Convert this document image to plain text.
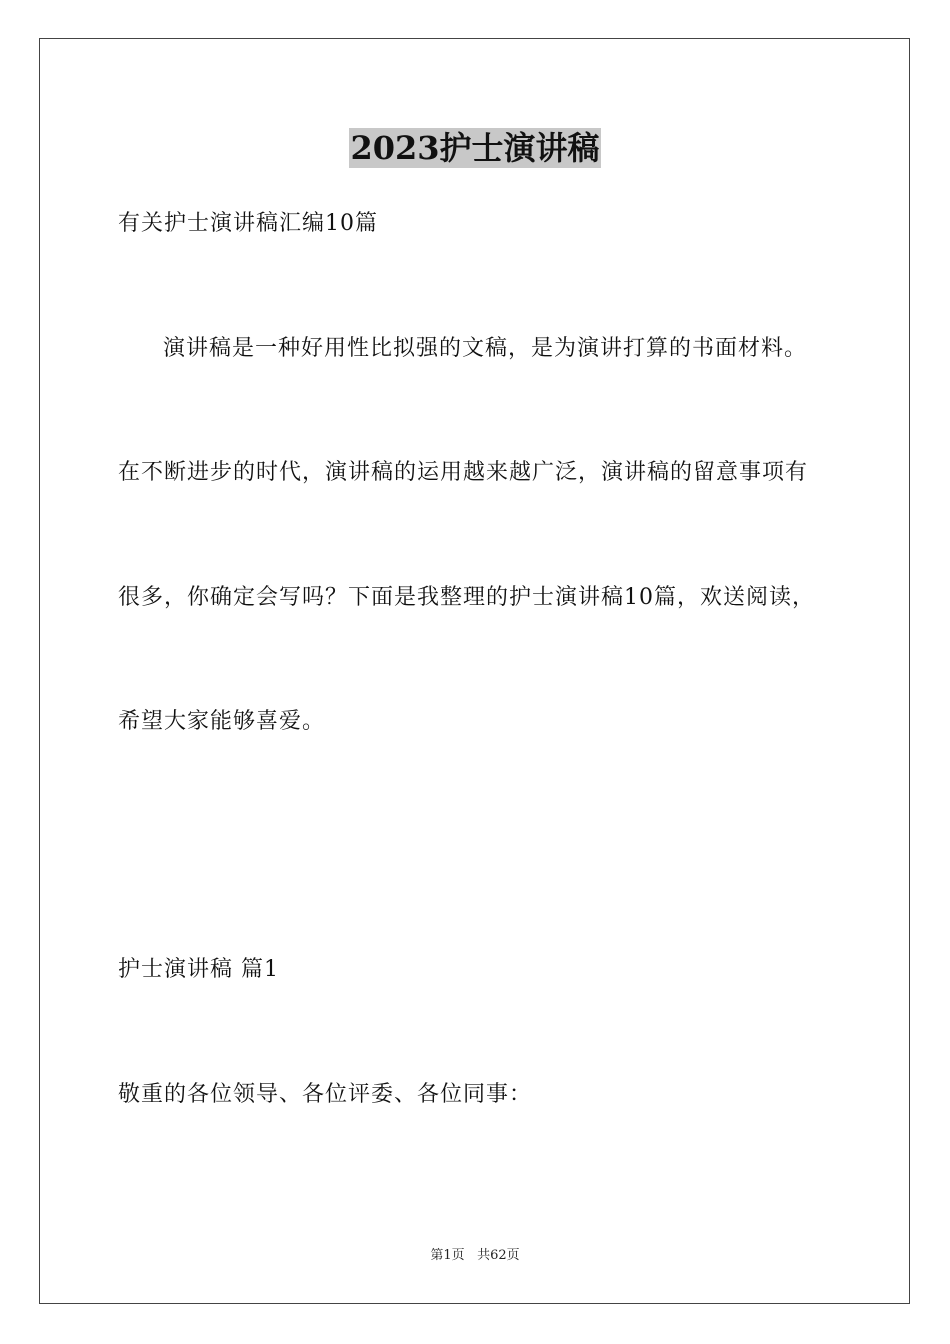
2023护士演讲稿
有关护士演讲稿汇编10篇
演讲稿是一种好用性比拟强的文稿，是为演讲打算的书面材料。
在不断进步的时代，演讲稿的运用越来越广泛，演讲稿的留意事项有
很多，你确定会写吗？下面是我整理的护士演讲稿10篇，欢送阅读，
希望大家能够喜爱。
护士演讲稿 篇1
敬重的各位领导、各位评委、各位同事：
第1页 共62页
